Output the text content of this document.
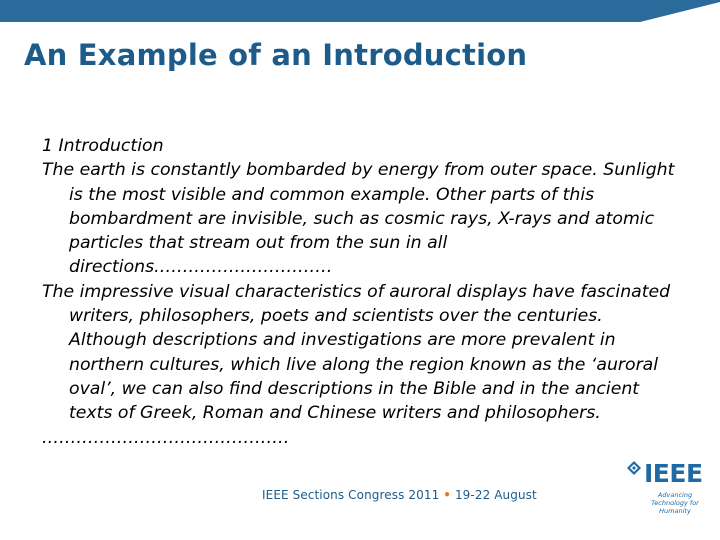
An Example of an Introduction

1 Introduction

The earth is constantly bombarded by energy from outer space. Sunlight is the most visible and common example. Other parts of this bombardment are invisible, such as cosmic rays, X-rays and atomic particles that stream out from the sun in all directions.…………………………

The impressive visual characteristics of auroral displays have fascinated writers, philosophers, poets and scientists over the centuries. Although descriptions and investigations are more prevalent in northern cultures, which live along the region known as the ‘auroral oval’, we can also find descriptions in the Bible and in the ancient texts of Greek, Roman and Chinese writers and philosophers.

.……………………………………

IEEE Sections Congress 2011 • 19-22 August
IEEE
Advancing Technology for Humanity
